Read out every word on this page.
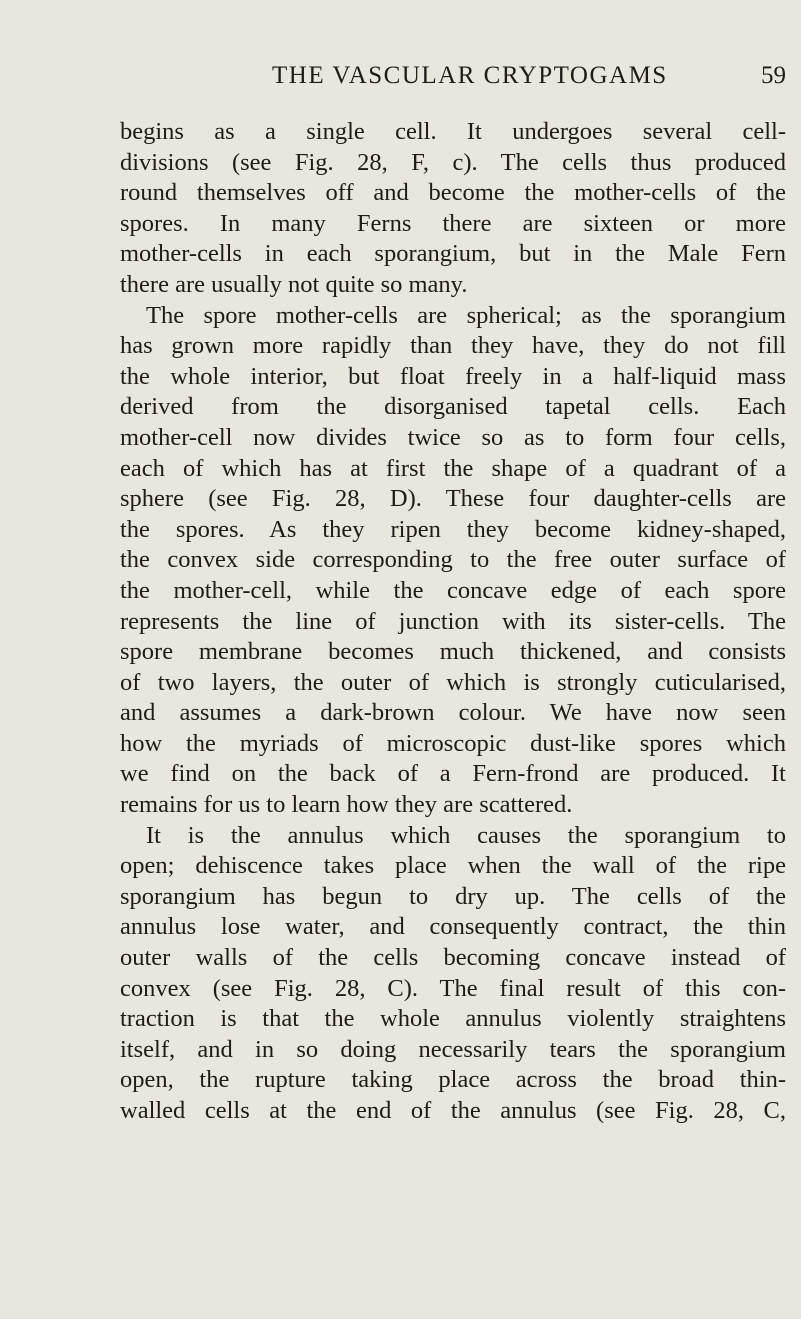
THE VASCULAR CRYPTOGAMS	59
begins as a single cell. It undergoes several cell-
divisions (see Fig. 28, F, c). The cells thus produced
round themselves off and become the mother-cells of the
spores. In many Ferns there are sixteen or more
mother-cells in each sporangium, but in the Male Fern
there are usually not quite so many.
The spore mother-cells are spherical; as the sporangium
has grown more rapidly than they have, they do not fill
the whole interior, but float freely in a half-liquid mass
derived from the disorganised tapetal cells. Each
mother-cell now divides twice so as to form four cells,
each of which has at first the shape of a quadrant of a
sphere (see Fig. 28, D). These four daughter-cells are
the spores. As they ripen they become kidney-shaped,
the convex side corresponding to the free outer surface of
the mother-cell, while the concave edge of each spore
represents the line of junction with its sister-cells. The
spore membrane becomes much thickened, and consists
of two layers, the outer of which is strongly cuticularised,
and assumes a dark-brown colour. We have now seen
how the myriads of microscopic dust-like spores which
we find on the back of a Fern-frond are produced. It
remains for us to learn how they are scattered.
It is the annulus which causes the sporangium to
open; dehiscence takes place when the wall of the ripe
sporangium has begun to dry up. The cells of the
annulus lose water, and consequently contract, the thin
outer walls of the cells becoming concave instead of
convex (see Fig. 28, C). The final result of this con-
traction is that the whole annulus violently straightens
itself, and in so doing necessarily tears the sporangium
open, the rupture taking place across the broad thin-
walled cells at the end of the annulus (see Fig. 28, C,
